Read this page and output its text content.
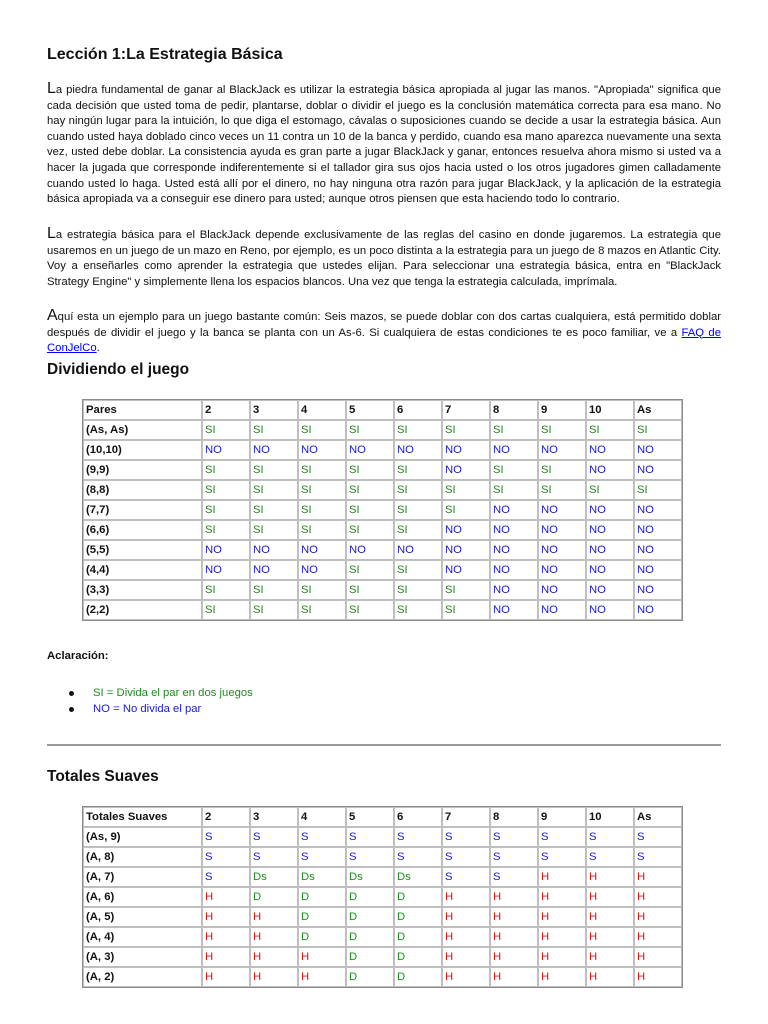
Lección 1:La Estrategia Básica

La piedra fundamental de ganar al BlackJack es utilizar la estrategia básica apropiada al jugar las manos. "Apropiada" significa que cada decisión que usted toma de pedir, plantarse, doblar o dividir el juego es la conclusión matemática correcta para esa mano. No hay ningún lugar para la intuición, lo que diga el estomago, cávalas o suposiciones cuando se decide a usar la estrategia básica. Aun cuando usted haya doblado cinco veces un 11 contra un 10 de la banca y perdido, cuando esa mano aparezca nuevamente una sexta vez, usted debe doblar. La consistencia ayuda es gran parte a jugar BlackJack y ganar, entonces resuelva ahora mismo si usted va a hacer la jugada que corresponde indiferentemente si el tallador gira sus ojos hacia usted o los otros jugadores gimen calladamente cuando usted lo haga. Usted está allí por el dinero, no hay ninguna otra razón para jugar BlackJack, y la aplicación de la estrategia básica apropiada va a conseguir ese dinero para usted; aunque otros piensen que esta haciendo todo lo contrario.

La estrategia básica para el BlackJack depende exclusivamente de las reglas del casino en donde jugaremos. La estrategia que usaremos en un juego de un mazo en Reno, por ejemplo, es un poco distinta a la estrategia para un juego de 8 mazos en Atlantic City. Voy a enseñarles como aprender la estrategia que ustedes elijan. Para seleccionar una estrategia básica, entra en "BlackJack Strategy Engine" y simplemente llena los espacios blancos. Una vez que tenga la estrategia calculada, imprímala.

Aquí esta un ejemplo para un juego bastante común: Seis mazos, se puede doblar con dos cartas cualquiera, está permitido doblar después de dividir el juego y la banca se planta con un As-6. Si cualquiera de estas condiciones te es poco familiar, ve a FAQ de ConJelCo.

Dividiendo el juego
Pares	2	3	4	5	6	7	8	9	10	As
(As, As)	SI	SI	SI	SI	SI	SI	SI	SI	SI	SI
(10,10)	NO	NO	NO	NO	NO	NO	NO	NO	NO	NO
(9,9)	SI	SI	SI	SI	SI	NO	SI	SI	NO	NO
(8,8)	SI	SI	SI	SI	SI	SI	SI	SI	SI	SI
(7,7)	SI	SI	SI	SI	SI	SI	NO	NO	NO	NO
(6,6)	SI	SI	SI	SI	SI	NO	NO	NO	NO	NO
(5,5)	NO	NO	NO	NO	NO	NO	NO	NO	NO	NO
(4,4)	NO	NO	NO	SI	SI	NO	NO	NO	NO	NO
(3,3)	SI	SI	SI	SI	SI	SI	NO	NO	NO	NO
(2,2)	SI	SI	SI	SI	SI	SI	NO	NO	NO	NO

Aclaración:

SI = Divida el par en dos juegos
NO = No divida el par
Totales Suaves
Totales Suaves	2	3	4	5	6	7	8	9	10	As
(As, 9)	S	S	S	S	S	S	S	S	S	S
(A, 8)	S	S	S	S	S	S	S	S	S	S
(A, 7)	S	Ds	Ds	Ds	Ds	S	S	H	H	H
(A, 6)	H	D	D	D	D	H	H	H	H	H
(A, 5)	H	H	D	D	D	H	H	H	H	H
(A, 4)	H	H	D	D	D	H	H	H	H	H
(A, 3)	H	H	H	D	D	H	H	H	H	H
(A, 2)	H	H	H	D	D	H	H	H	H	H
